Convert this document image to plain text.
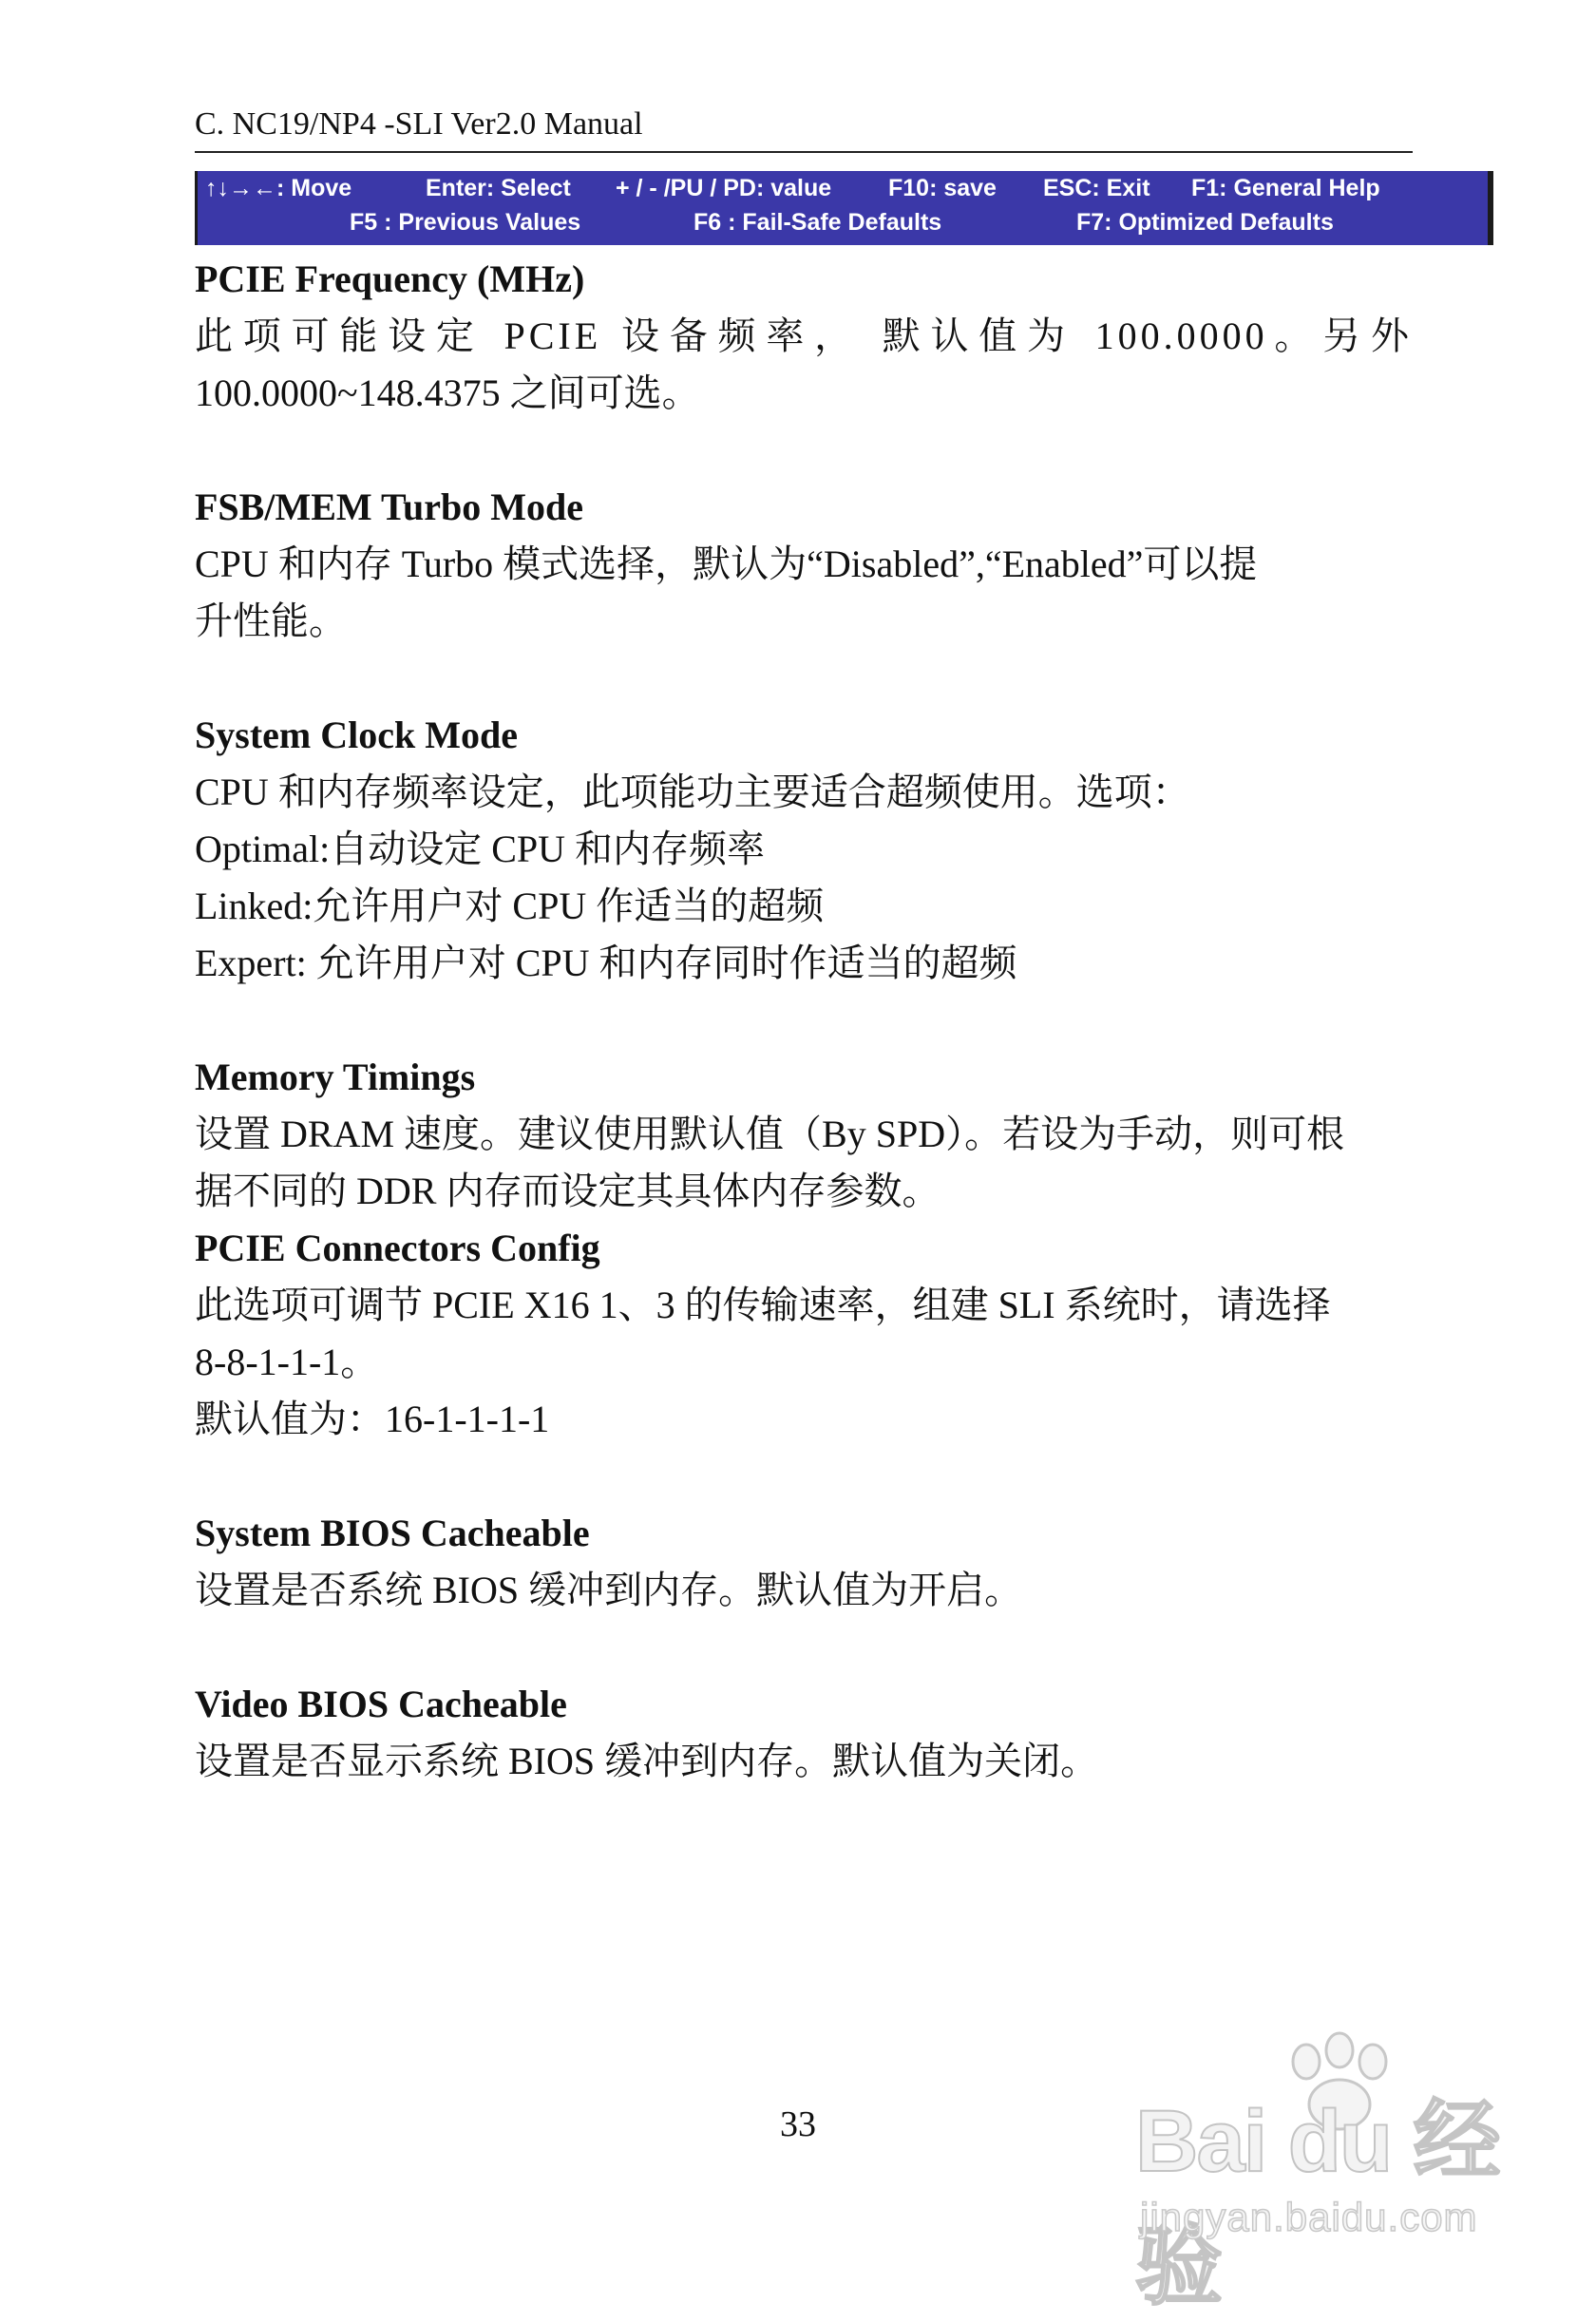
C. NC19/NP4 -SLI Ver2.0 Manual
↑↓→←: Move	Enter: Select + / - /PU / PD: value F10: save ESC: Exit F1: General Help
F5 : Previous Values	F6 : Fail-Safe Defaults	F7: Optimized Defaults

PCIE Frequency (MHz)

此项可能设定 PCIE 设备频率， 默认值为 100.0000。另外

100.0000~148.4375 之间可选。

FSB/MEM Turbo Mode

CPU 和内存 Turbo 模式选择，默认为“Disabled”,“Enabled”可以提

升性能。

System Clock Mode

CPU 和内存频率设定，此项能功主要适合超频使用。选项：

Optimal:自动设定 CPU 和内存频率

Linked:允许用户对 CPU 作适当的超频

Expert: 允许用户对 CPU 和内存同时作适当的超频

Memory Timings

设置 DRAM 速度。建议使用默认值（By SPD）。若设为手动，则可根

据不同的 DDR 内存而设定其具体内存参数。

PCIE Connectors Config

此选项可调节 PCIE X16 1、3 的传输速率，组建 SLI 系统时，请选择

8-8-1-1-1。

默认值为：16-1-1-1-1

System BIOS Cacheable

设置是否系统 BIOS 缓冲到内存。默认值为开启。

Video BIOS Cacheable

设置是否显示系统 BIOS 缓冲到内存。默认值为关闭。

33	Bai du 经验
jingyan.baidu.com
